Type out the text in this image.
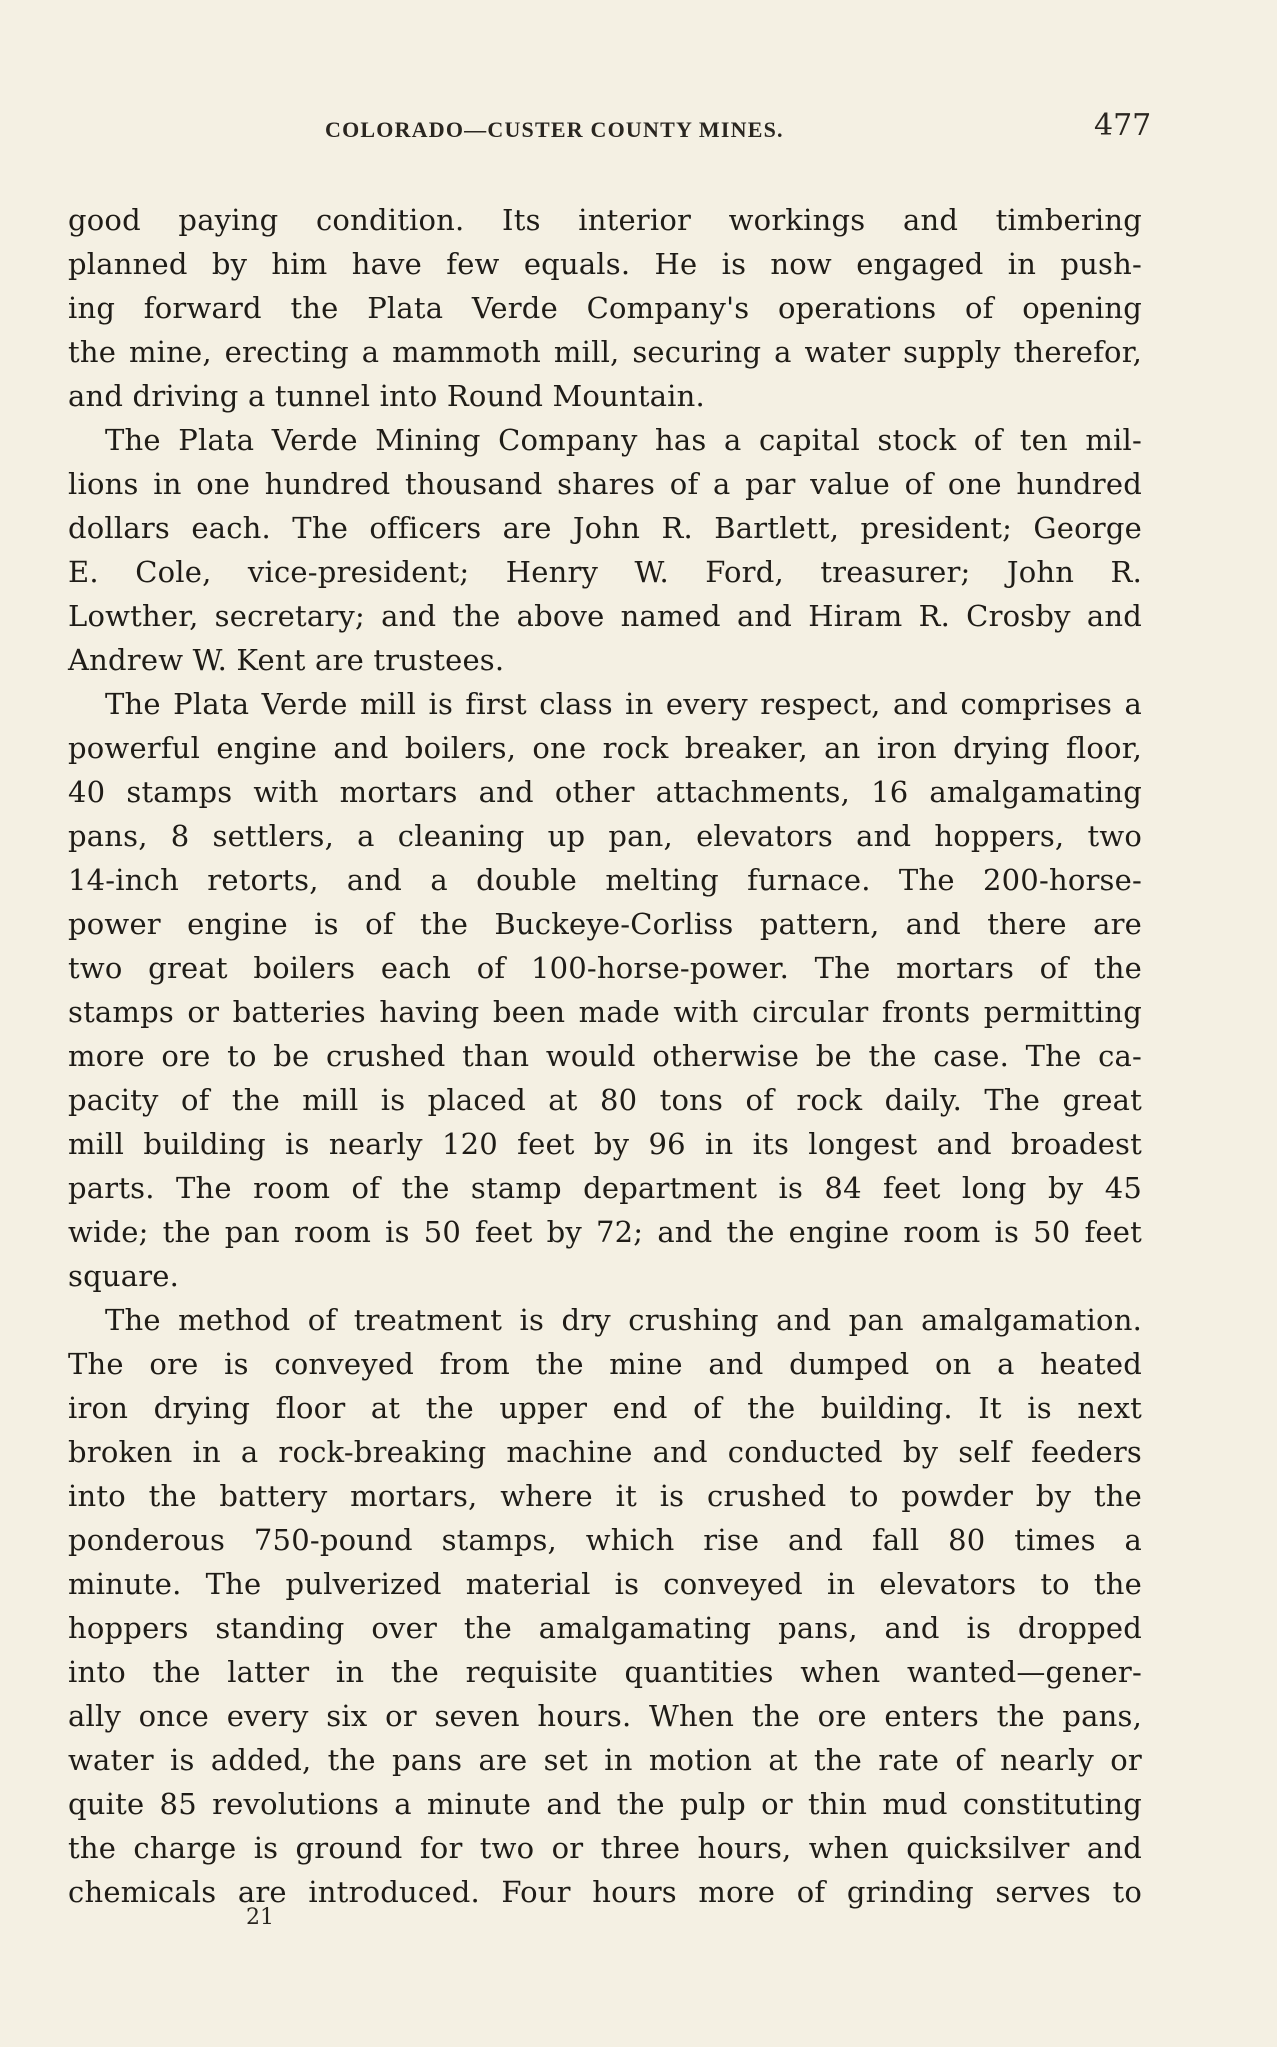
COLORADO—CUSTER COUNTY MINES.	477
good paying condition. Its interior workings and timbering
planned by him have few equals. He is now engaged in push-
ing forward the Plata Verde Company's operations of opening
the mine, erecting a mammoth mill, securing a water supply therefor,
and driving a tunnel into Round Mountain.
The Plata Verde Mining Company has a capital stock of ten mil-
lions in one hundred thousand shares of a par value of one hundred
dollars each. The officers are John R. Bartlett, president; George
E. Cole, vice-president; Henry W. Ford, treasurer; John R.
Lowther, secretary; and the above named and Hiram R. Crosby and
Andrew W. Kent are trustees.
The Plata Verde mill is first class in every respect, and comprises a
powerful engine and boilers, one rock breaker, an iron drying floor,
40 stamps with mortars and other attachments, 16 amalgamating
pans, 8 settlers, a cleaning up pan, elevators and hoppers, two
14-inch retorts, and a double melting furnace. The 200-horse-
power engine is of the Buckeye-Corliss pattern, and there are
two great boilers each of 100-horse-power. The mortars of the
stamps or batteries having been made with circular fronts permitting
more ore to be crushed than would otherwise be the case. The ca-
pacity of the mill is placed at 80 tons of rock daily. The great
mill building is nearly 120 feet by 96 in its longest and broadest
parts. The room of the stamp department is 84 feet long by 45
wide; the pan room is 50 feet by 72; and the engine room is 50 feet
square.
The method of treatment is dry crushing and pan amalgamation.
The ore is conveyed from the mine and dumped on a heated
iron drying floor at the upper end of the building. It is next
broken in a rock-breaking machine and conducted by self feeders
into the battery mortars, where it is crushed to powder by the
ponderous 750-pound stamps, which rise and fall 80 times a
minute. The pulverized material is conveyed in elevators to the
hoppers standing over the amalgamating pans, and is dropped
into the latter in the requisite quantities when wanted—gener-
ally once every six or seven hours. When the ore enters the pans,
water is added, the pans are set in motion at the rate of nearly or
quite 85 revolutions a minute and the pulp or thin mud constituting
the charge is ground for two or three hours, when quicksilver and
chemicals are introduced. Four hours more of grinding serves to
21
